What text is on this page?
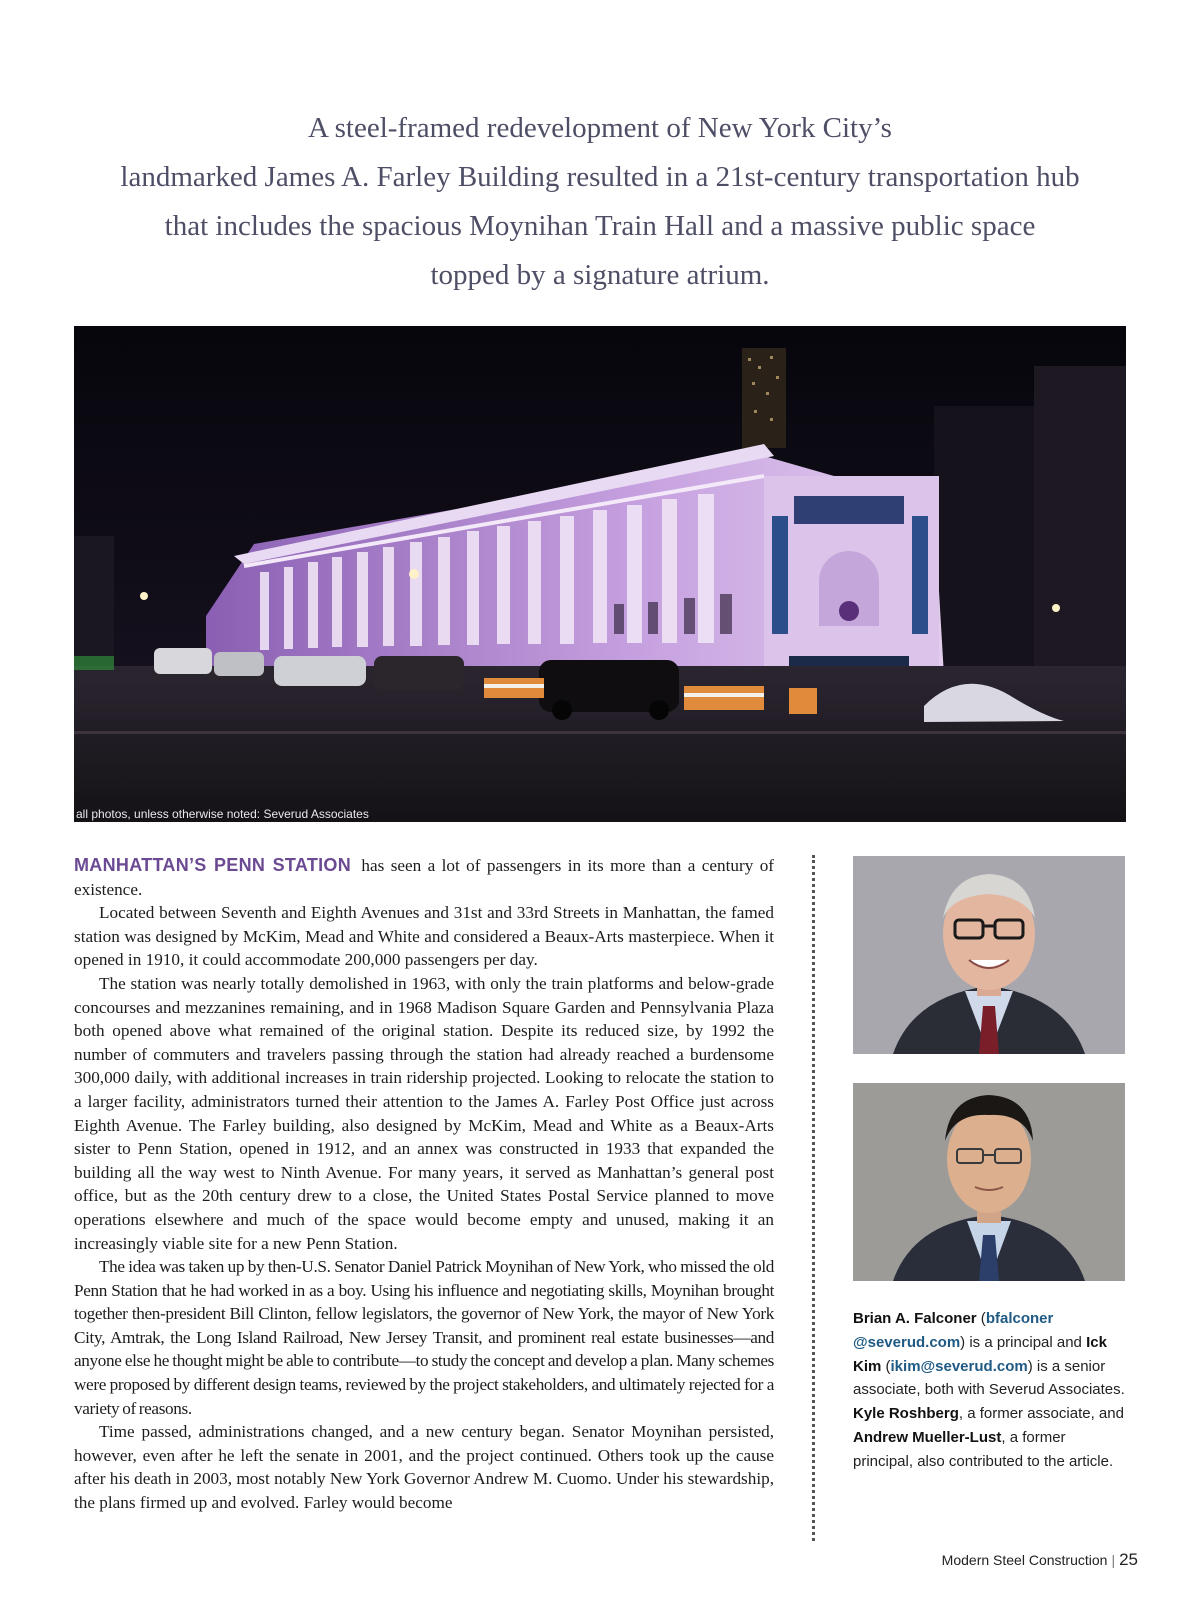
A steel-framed redevelopment of New York City’s
landmarked James A. Farley Building resulted in a 21st-century transportation hub
that includes the spacious Moynihan Train Hall and a massive public space
topped by a signature atrium.
all photos, unless otherwise noted: Severud Associates

MANHATTAN’S PENN STATION has seen a lot of passengers in its more than a century of existence.

Located between Seventh and Eighth Avenues and 31st and 33rd Streets in Manhattan, the famed station was designed by McKim, Mead and White and considered a Beaux-Arts masterpiece. When it opened in 1910, it could accommodate 200,000 passengers per day.

The station was nearly totally demolished in 1963, with only the train platforms and below-grade concourses and mezzanines remaining, and in 1968 Madison Square Garden and Pennsylvania Plaza both opened above what remained of the original station. Despite its reduced size, by 1992 the number of commuters and travelers passing through the station had already reached a burdensome 300,000 daily, with additional increases in train ridership projected. Looking to relocate the station to a larger facility, administrators turned their attention to the James A. Farley Post Office just across Eighth Avenue. The Farley building, also designed by McKim, Mead and White as a Beaux-Arts sister to Penn Station, opened in 1912, and an annex was constructed in 1933 that expanded the building all the way west to Ninth Avenue. For many years, it served as Manhattan’s general post office, but as the 20th century drew to a close, the United States Postal Service planned to move operations elsewhere and much of the space would become empty and unused, making it an increasingly viable site for a new Penn Station.

The idea was taken up by then-U.S. Senator Daniel Patrick Moynihan of New York, who missed the old Penn Station that he had worked in as a boy. Using his influence and negotiating skills, Moynihan brought together then-president Bill Clinton, fellow legislators, the governor of New York, the mayor of New York City, Amtrak, the Long Island Railroad, New Jersey Transit, and prominent real estate businesses—and anyone else he thought might be able to contribute—to study the concept and develop a plan. Many schemes were proposed by different design teams, reviewed by the project stakeholders, and ultimately rejected for a variety of reasons.

Time passed, administrations changed, and a new century began. Senator Moynihan persisted, however, even after he left the senate in 2001, and the project continued. Others took up the cause after his death in 2003, most notably New York Governor Andrew M. Cuomo. Under his stewardship, the plans firmed up and evolved. Farley would become

Brian A. Falconer (bfalconer @severud.com) is a principal and Ick Kim (ikim@severud.com) is a senior associate, both with Severud Associates. Kyle Roshberg, a former associate, and Andrew Mueller-Lust, a former principal, also contributed to the article.
Modern Steel Construction | 25
